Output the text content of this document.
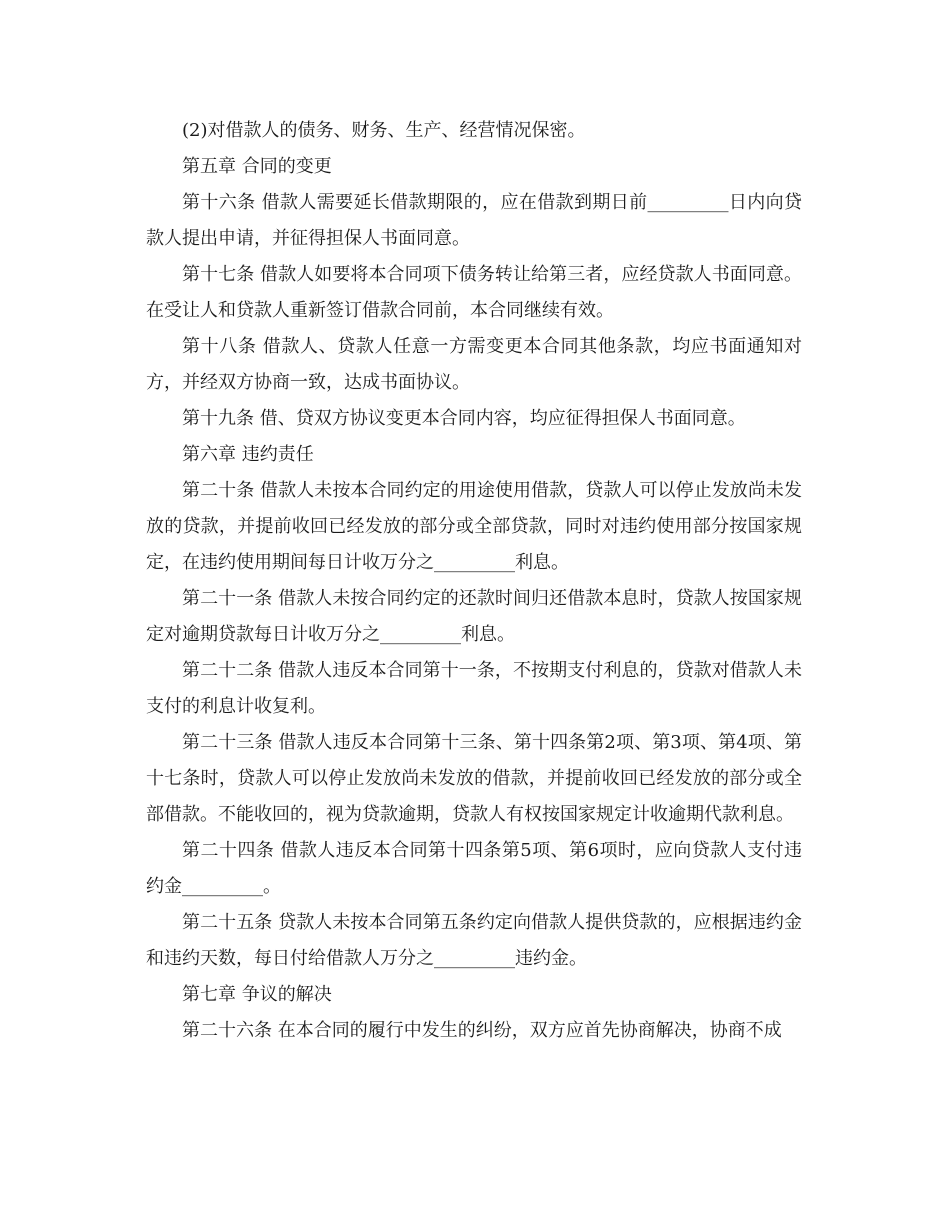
(2)对借款人的债务、财务、生产、经营情况保密。

第五章 合同的变更

第十六条 借款人需要延长借款期限的，应在借款到期日前_________日内向贷款人提出申请，并征得担保人书面同意。

第十七条 借款人如要将本合同项下债务转让给第三者，应经贷款人书面同意。在受让人和贷款人重新签订借款合同前，本合同继续有效。

第十八条 借款人、贷款人任意一方需变更本合同其他条款，均应书面通知对方，并经双方协商一致，达成书面协议。

第十九条 借、贷双方协议变更本合同内容，均应征得担保人书面同意。

第六章 违约责任

第二十条 借款人未按本合同约定的用途使用借款，贷款人可以停止发放尚未发放的贷款，并提前收回已经发放的部分或全部贷款，同时对违约使用部分按国家规定，在违约使用期间每日计收万分之_________利息。

第二十一条 借款人未按合同约定的还款时间归还借款本息时，贷款人按国家规定对逾期贷款每日计收万分之_________利息。

第二十二条 借款人违反本合同第十一条，不按期支付利息的，贷款对借款人未支付的利息计收复利。

第二十三条 借款人违反本合同第十三条、第十四条第2项、第3项、第4项、第十七条时，贷款人可以停止发放尚未发放的借款，并提前收回已经发放的部分或全部借款。不能收回的，视为贷款逾期，贷款人有权按国家规定计收逾期代款利息。

第二十四条 借款人违反本合同第十四条第5项、第6项时，应向贷款人支付违约金_________。

第二十五条 贷款人未按本合同第五条约定向借款人提供贷款的，应根据违约金和违约天数，每日付给借款人万分之_________违约金。

第七章 争议的解决

第二十六条 在本合同的履行中发生的纠纷，双方应首先协商解决，协商不成
